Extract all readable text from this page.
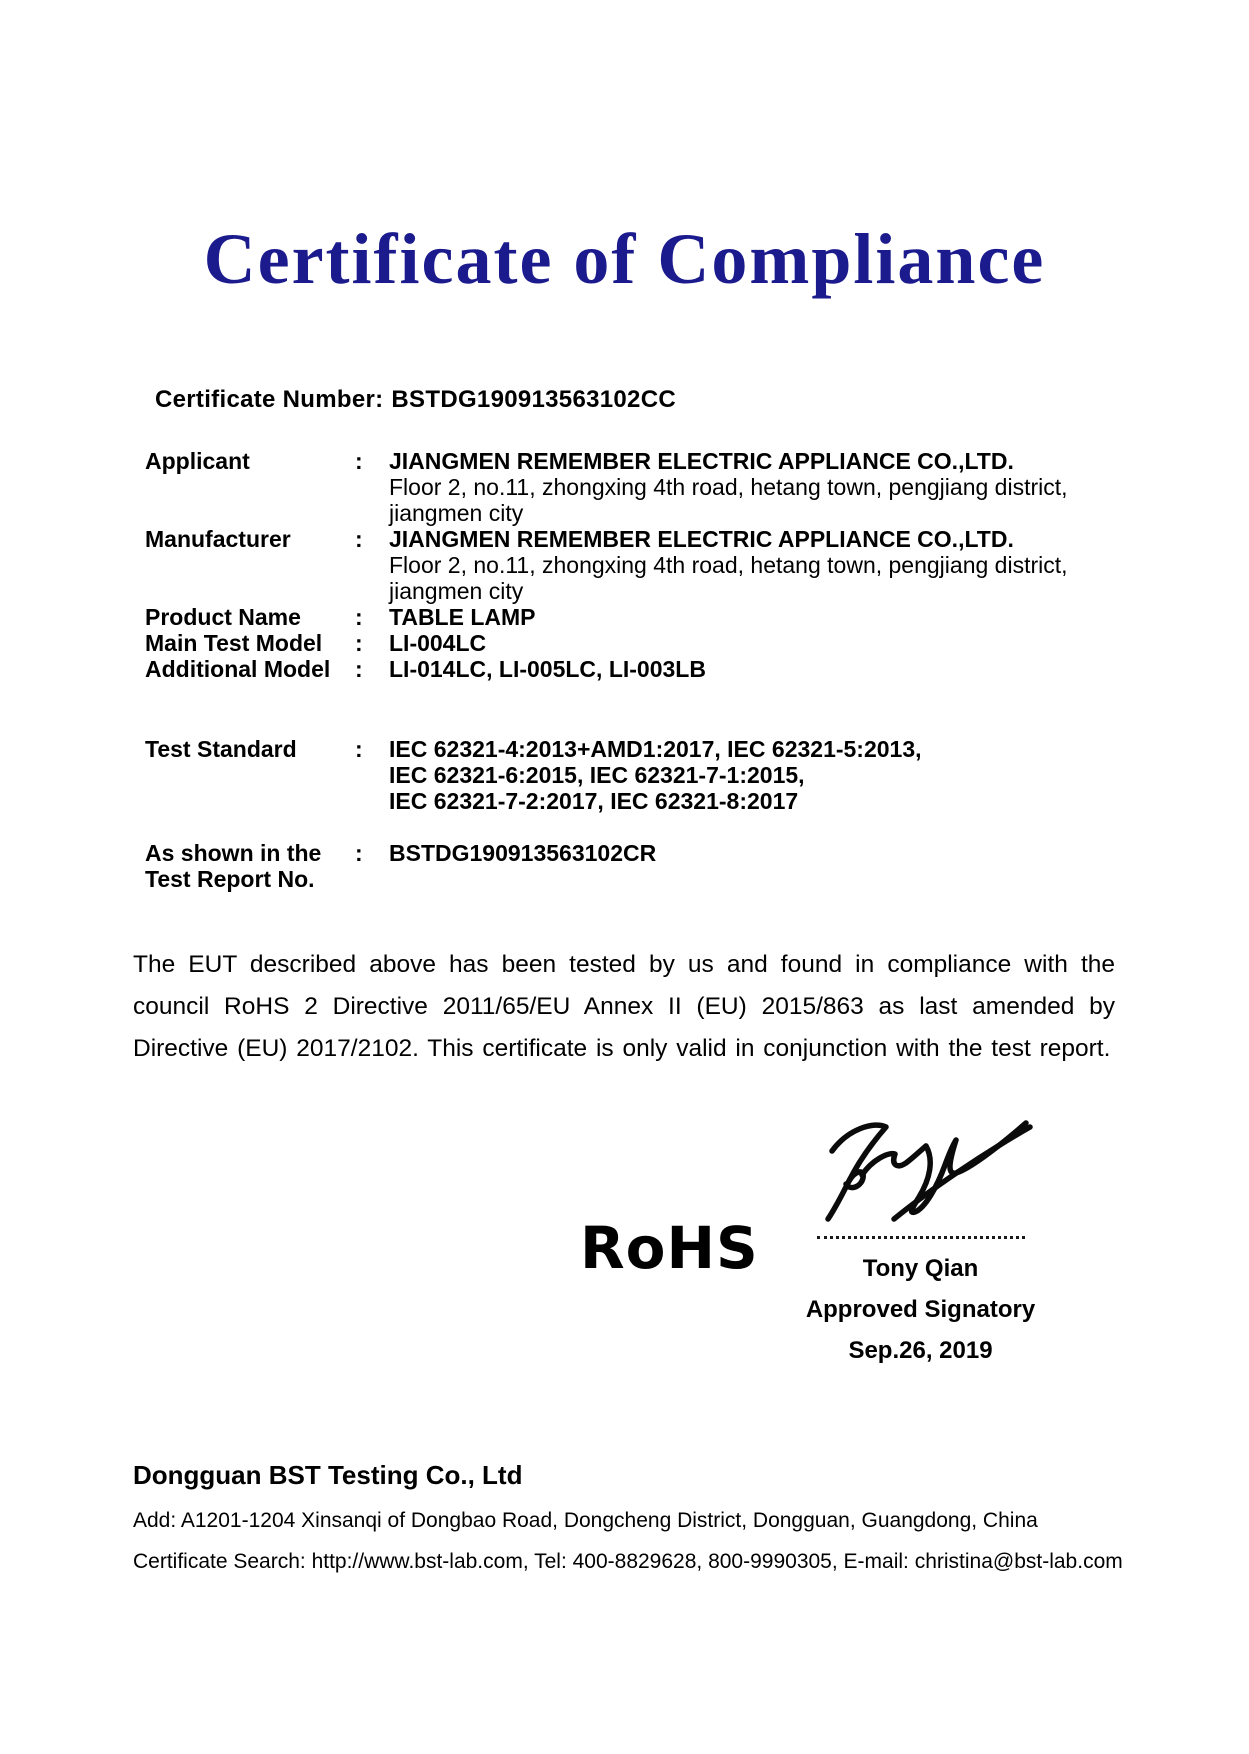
Certificate of Compliance
Certificate Number: BSTDG190913563102CC
Applicant	:	JIANGMEN REMEMBER ELECTRIC APPLIANCE CO.,LTD.
Floor 2, no.11, zhongxing 4th road, hetang town, pengjiang district,
jiangmen city
Manufacturer	:	JIANGMEN REMEMBER ELECTRIC APPLIANCE CO.,LTD.
Floor 2, no.11, zhongxing 4th road, hetang town, pengjiang district,
jiangmen city
Product Name	:	TABLE LAMP
Main Test Model	:	LI-004LC
Additional Model	:	LI-014LC, LI-005LC, LI-003LB
Test Standard	:	IEC 62321-4:2013+AMD1:2017, IEC 62321-5:2013,
IEC 62321-6:2015, IEC 62321-7-1:2015,
IEC 62321-7-2:2017, IEC 62321-8:2017
As shown in the
Test Report No.
:	BSTDG190913563102CR

The EUT described above has been tested by us and found in compliance with the council RoHS 2 Directive 2011/65/EU Annex II (EU) 2015/863 as last amended by Directive (EU) 2017/2102. This certificate is only valid in conjunction with the test report.

RoHS	Tony Qian
Approved Signatory
Sep.26, 2019
Dongguan BST Testing Co., Ltd
Add: A1201-1204 Xinsanqi of Dongbao Road, Dongcheng District, Dongguan, Guangdong, China
Certificate Search: http://www.bst-lab.com, Tel: 400-8829628, 800-9990305, E-mail: christina@bst-lab.com
